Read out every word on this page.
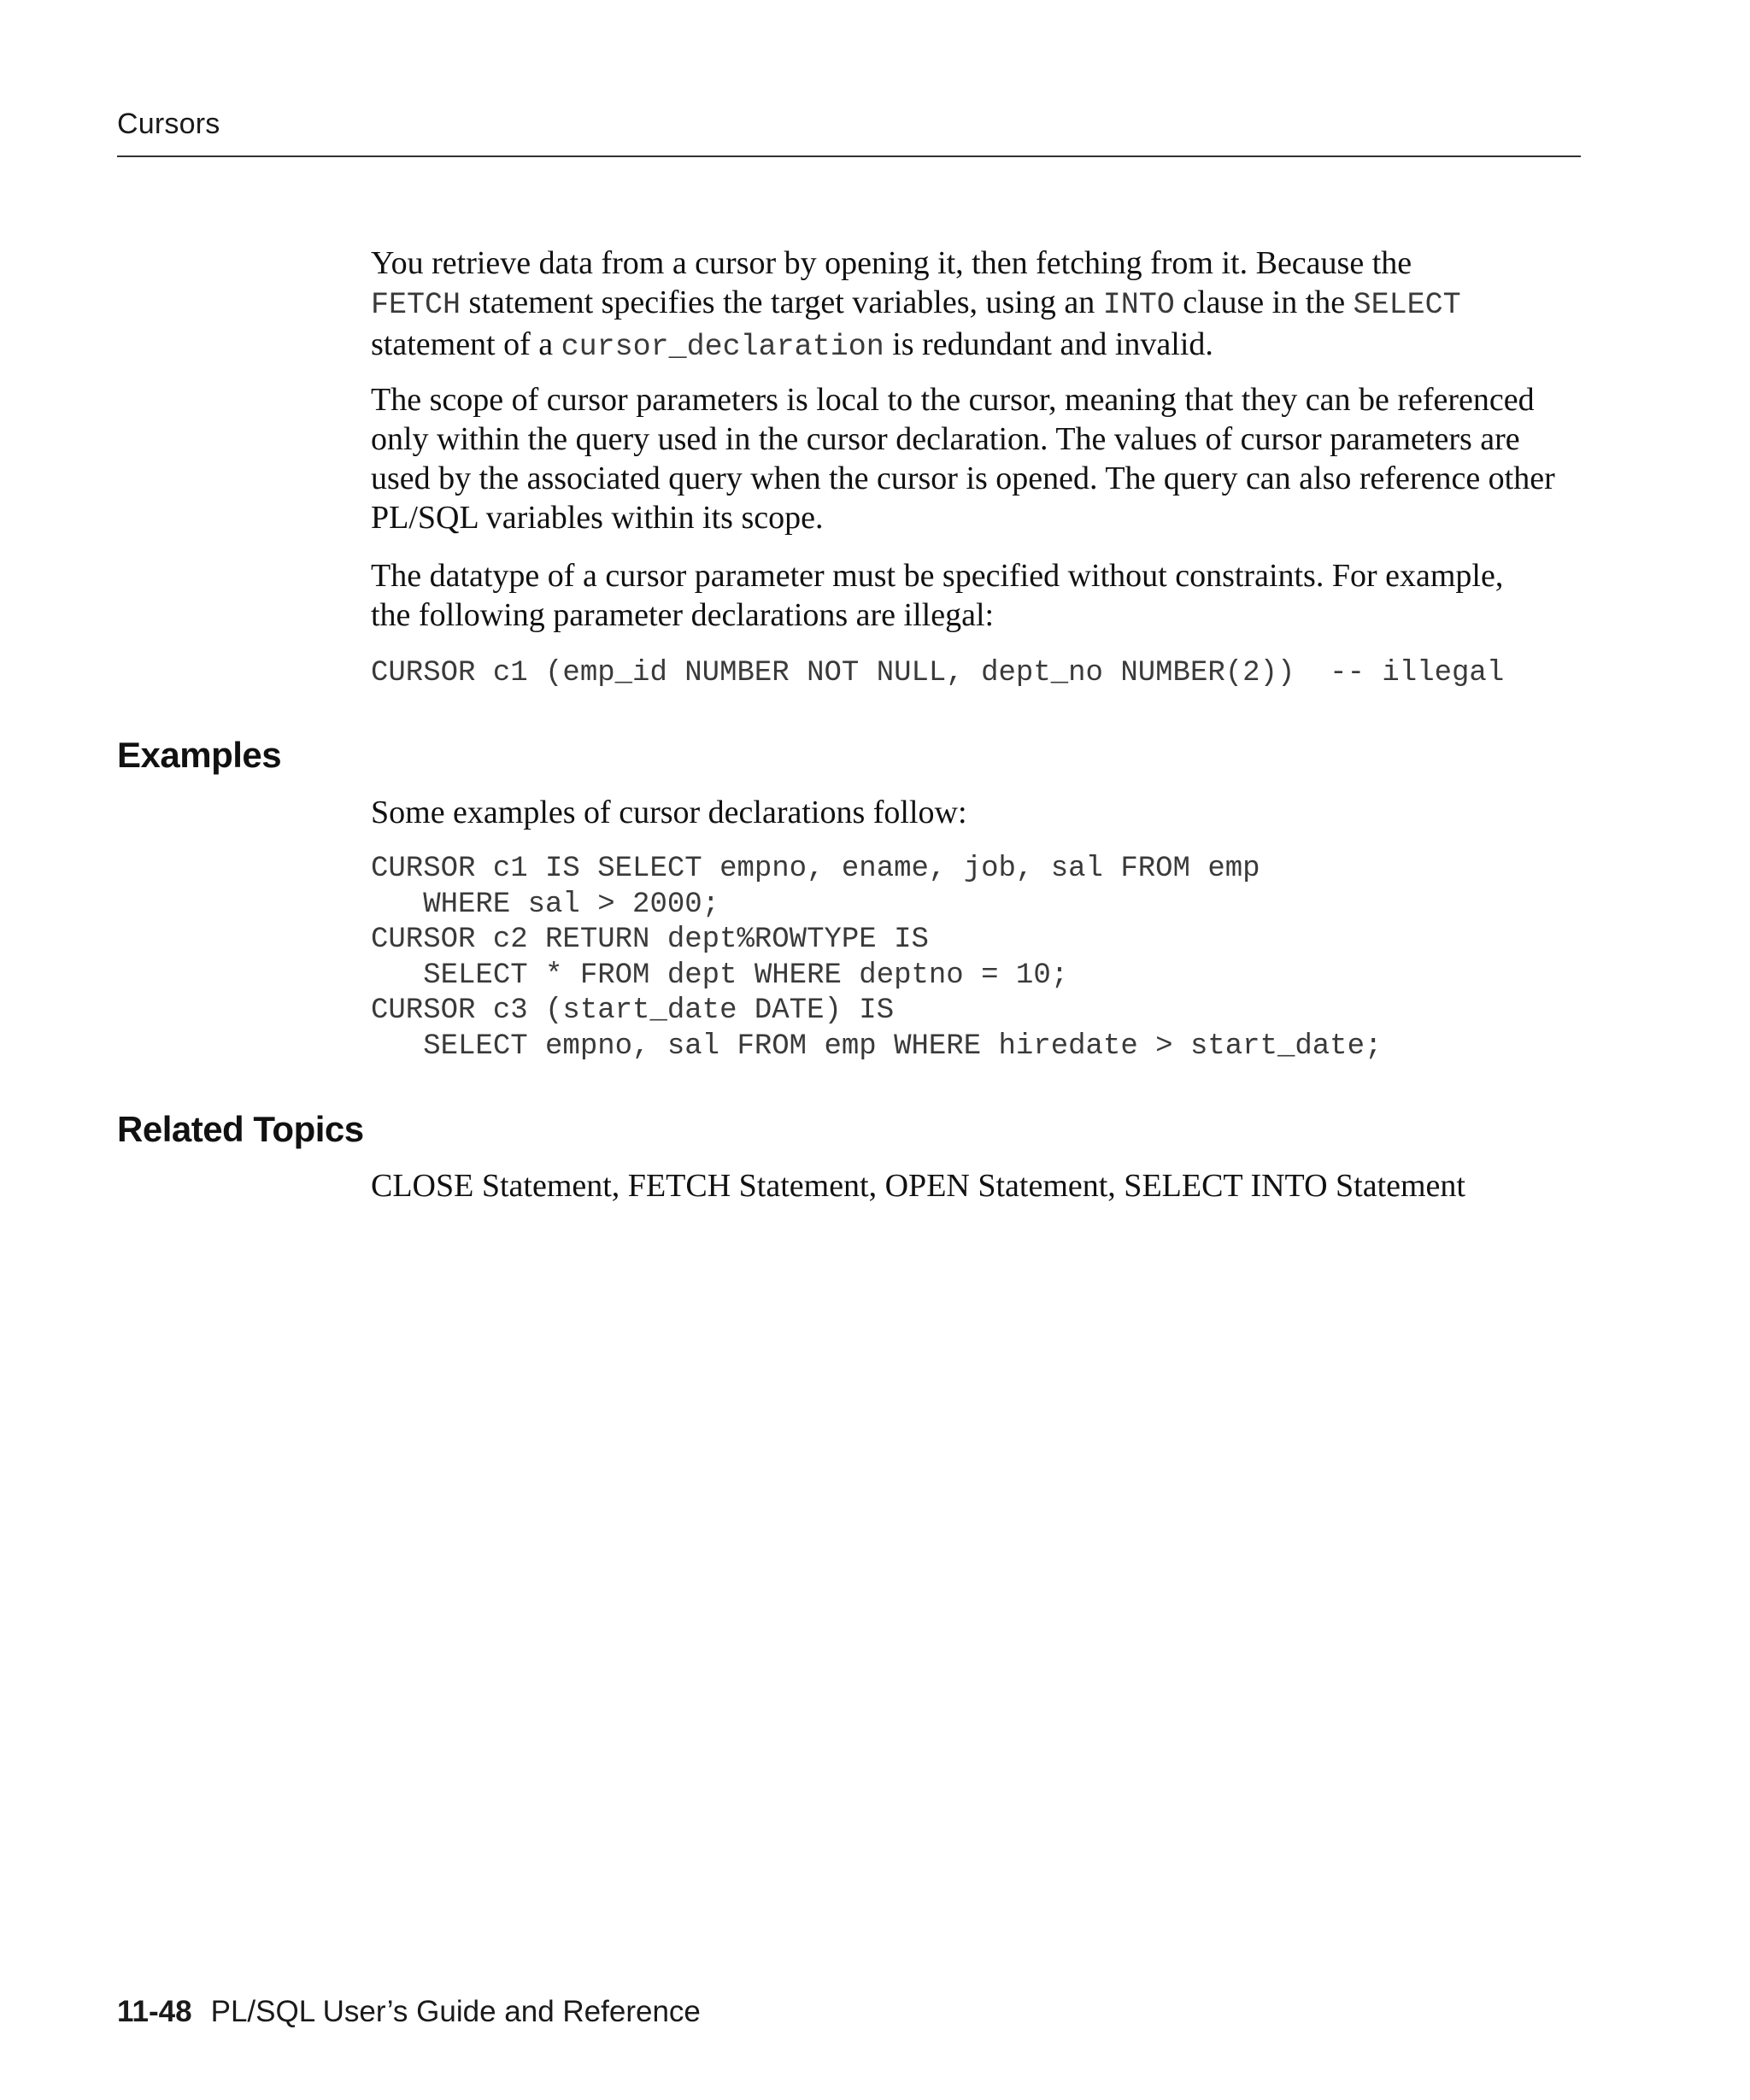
Cursors

You retrieve data from a cursor by opening it, then fetching from it. Because the
FETCH statement specifies the target variables, using an INTO clause in the SELECT
statement of a cursor_declaration is redundant and invalid.

The scope of cursor parameters is local to the cursor, meaning that they can be referenced only within the query used in the cursor declaration. The values of cursor parameters are used by the associated query when the cursor is opened. The query can also reference other PL/SQL variables within its scope.

The datatype of a cursor parameter must be specified without constraints. For example, the following parameter declarations are illegal:

CURSOR c1 (emp_id NUMBER NOT NULL, dept_no NUMBER(2))  -- illegal

Some examples of cursor declarations follow:

CURSOR c1 IS SELECT empno, ename, job, sal FROM emp
WHERE sal > 2000;
CURSOR c2 RETURN dept%ROWTYPE IS
SELECT * FROM dept WHERE deptno = 10;
CURSOR c3 (start_date DATE) IS
SELECT empno, sal FROM emp WHERE hiredate > start_date;

CLOSE Statement, FETCH Statement, OPEN Statement, SELECT INTO Statement

Examples
Related Topics
11-48 PL/SQL User’s Guide and Reference
